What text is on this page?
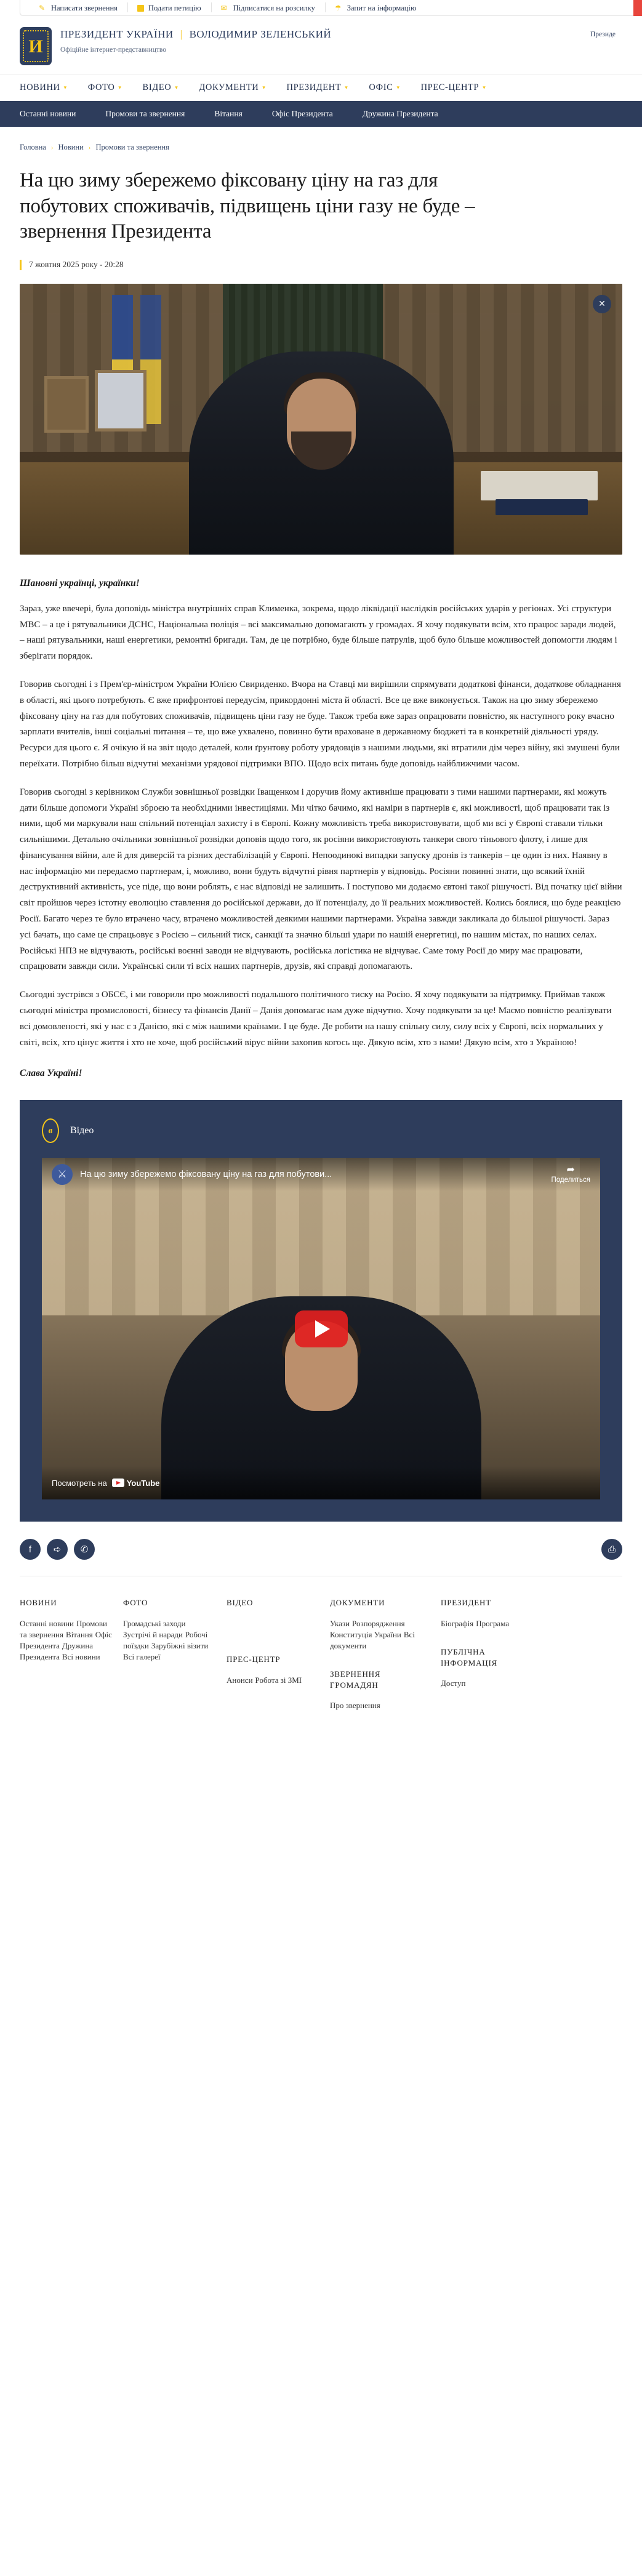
✎ Написати звернення	Подати петицію	✉ Підписатися на розсилку	☂ Запит на інформацію
И
ПРЕЗИДЕНТ УКРАЇНИ | ВОЛОДИМИР ЗЕЛЕНСЬКИЙ
Офіційне інтернет-представництво
Президе
НОВИНИ ▾ ФОТО ▾ ВІДЕО ▾ ДОКУМЕНТИ ▾ ПРЕЗИДЕНТ ▾ ОФІС ▾ ПРЕС-ЦЕНТР ▾
Останні новини	Промови та звернення	Вітання	Офіс Президента	Дружина Президента
Головна › Новини › Промови та звернення
На цю зиму збережемо фіксовану ціну на газ для побутових споживачів, підвищень ціни газу не буде – звернення Президента
7 жовтня 2025 року - 20:28
✕

Шановні українці, українки!

Зараз, уже ввечері, була доповідь міністра внутрішніх справ Клименка, зокрема, щодо ліквідації наслідків російських ударів у регіонах. Усі структури МВС – а це і рятувальники ДСНС, Національна поліція – всі максимально допомагають у громадах. Я хочу подякувати всім, хто працює заради людей, – наші рятувальники, наші енергетики, ремонтні бригади. Там, де це потрібно, буде більше патрулів, щоб було більше можливостей допомогти людям і зберігати порядок.

Говорив сьогодні і з Прем'єр-міністром України Юлією Свириденко. Вчора на Ставці ми вирішили спрямувати додаткові фінанси, додаткове обладнання в області, які цього потребують. Є вже прифронтові передусім, прикордонні міста й області. Все це вже виконується. Також на цю зиму збережемо фіксовану ціну на газ для побутових споживачів, підвищень ціни газу не буде. Також треба вже зараз опрацювати повністю, як наступного року вчасно зарплати вчителів, інші соціальні питання – те, що вже ухвалено, повинно бути враховане в державному бюджеті та в конкретній діяльності уряду. Ресурси для цього є. Я очікую й на звіт щодо деталей, коли ґрунтову роботу урядовців з нашими людьми, які втратили дім через війну, які змушені були переїхати. Потрібно більш відчутні механізми урядової підтримки ВПО. Щодо всіх питань буде доповідь найближчими часом.

Говорив сьогодні з керівником Служби зовнішньої розвідки Іващенком і доручив йому активніше працювати з тими нашими партнерами, які можуть дати більше допомоги Україні зброєю та необхідними інвестиціями. Ми чітко бачимо, які наміри в партнерів є, які можливості, щоб працювати так із ними, щоб ми маркували наш спільний потенціал захисту і в Європі. Кожну можливість треба використовувати, щоб ми всі у Європі ставали тільки сильнішими. Детально очільники зовнішньої розвідки доповів щодо того, як росіяни використовують танкери свого тіньового флоту, і лише для фінансування війни, але й для диверсій та різних дестабілізацій у Європі. Непоодинокі випадки запуску дронів із танкерів – це один із них. Наявну в нас інформацію ми передаємо партнерам, і, можливо, вони будуть відчутні рівня партнерів у відповідь. Росіяни повинні знати, що всякий їхній деструктивний активність, усе піде, що вони роблять, є нас відповіді не залишить. І поступово ми додаємо євтоні такої рішучості. Від початку цієї війни світ пройшов через істотну еволюцію ставлення до російської держави, до її потенціалу, до її реальних можливостей. Колись боялися, що буде реакцією Росії. Багато через те було втрачено часу, втрачено можливостей деякими нашими партнерами. Україна завжди закликала до більшої рішучості. Зараз усі бачать, що саме це спрацьовує з Росією – сильний тиск, санкції та значно більші удари по нашій енергетиці, по нашим містах, по наших селах. Російські НПЗ не відчувають, російські воєнні заводи не відчувають, російська логістика не відчуває. Саме тому Росії до миру має працювати, спрацювати завжди сили. Українські сили ті всіх наших партнерів, друзів, які справді допомагають.

Сьогодні зустрівся з ОБСЄ, і ми говорили про можливості подальшого політичного тиску на Росію. Я хочу подякувати за підтримку. Приймав також сьогодні міністра промисловості, бізнесу та фінансів Данії – Данія допомагає нам дуже відчутно. Хочу подякувати за це! Маємо повністю реалізувати всі домовленості, які у нас є з Данією, які є між нашими країнами. І це буде. Де робити на нашу спільну силу, силу всіх у Європі, всіх нормальних у світі, всіх, хто цінує життя і хто не хоче, щоб російський вірус війни захопив когось ще. Дякую всім, хто з нами! Дякую всім, хто з Україною!

Слава Україні!

в	Відео
⚔	На цю зиму збережемо фіксовану ціну на газ для побутови...	➦
Поделиться
Посмотреть на YouTube
f ➪ ✆	⎙
НОВИНИ
Останні новини Промови та звернення Вітання Офіс Президента Дружина Президента Всі новини
ФОТО
Громадські заходи Зустрічі й наради Робочі поїздки Зарубіжні візити Всі галереї
ВІДЕО
ПРЕС-ЦЕНТР
Анонси Робота зі ЗМІ
ДОКУМЕНТИ
Укази Розпорядження Конституція України Всі документи
ЗВЕРНЕННЯ ГРОМАДЯН
Про звернення
ПРЕЗИДЕНТ
Біографія Програма
ПУБЛІЧНА ІНФОРМАЦІЯ
Доступ
